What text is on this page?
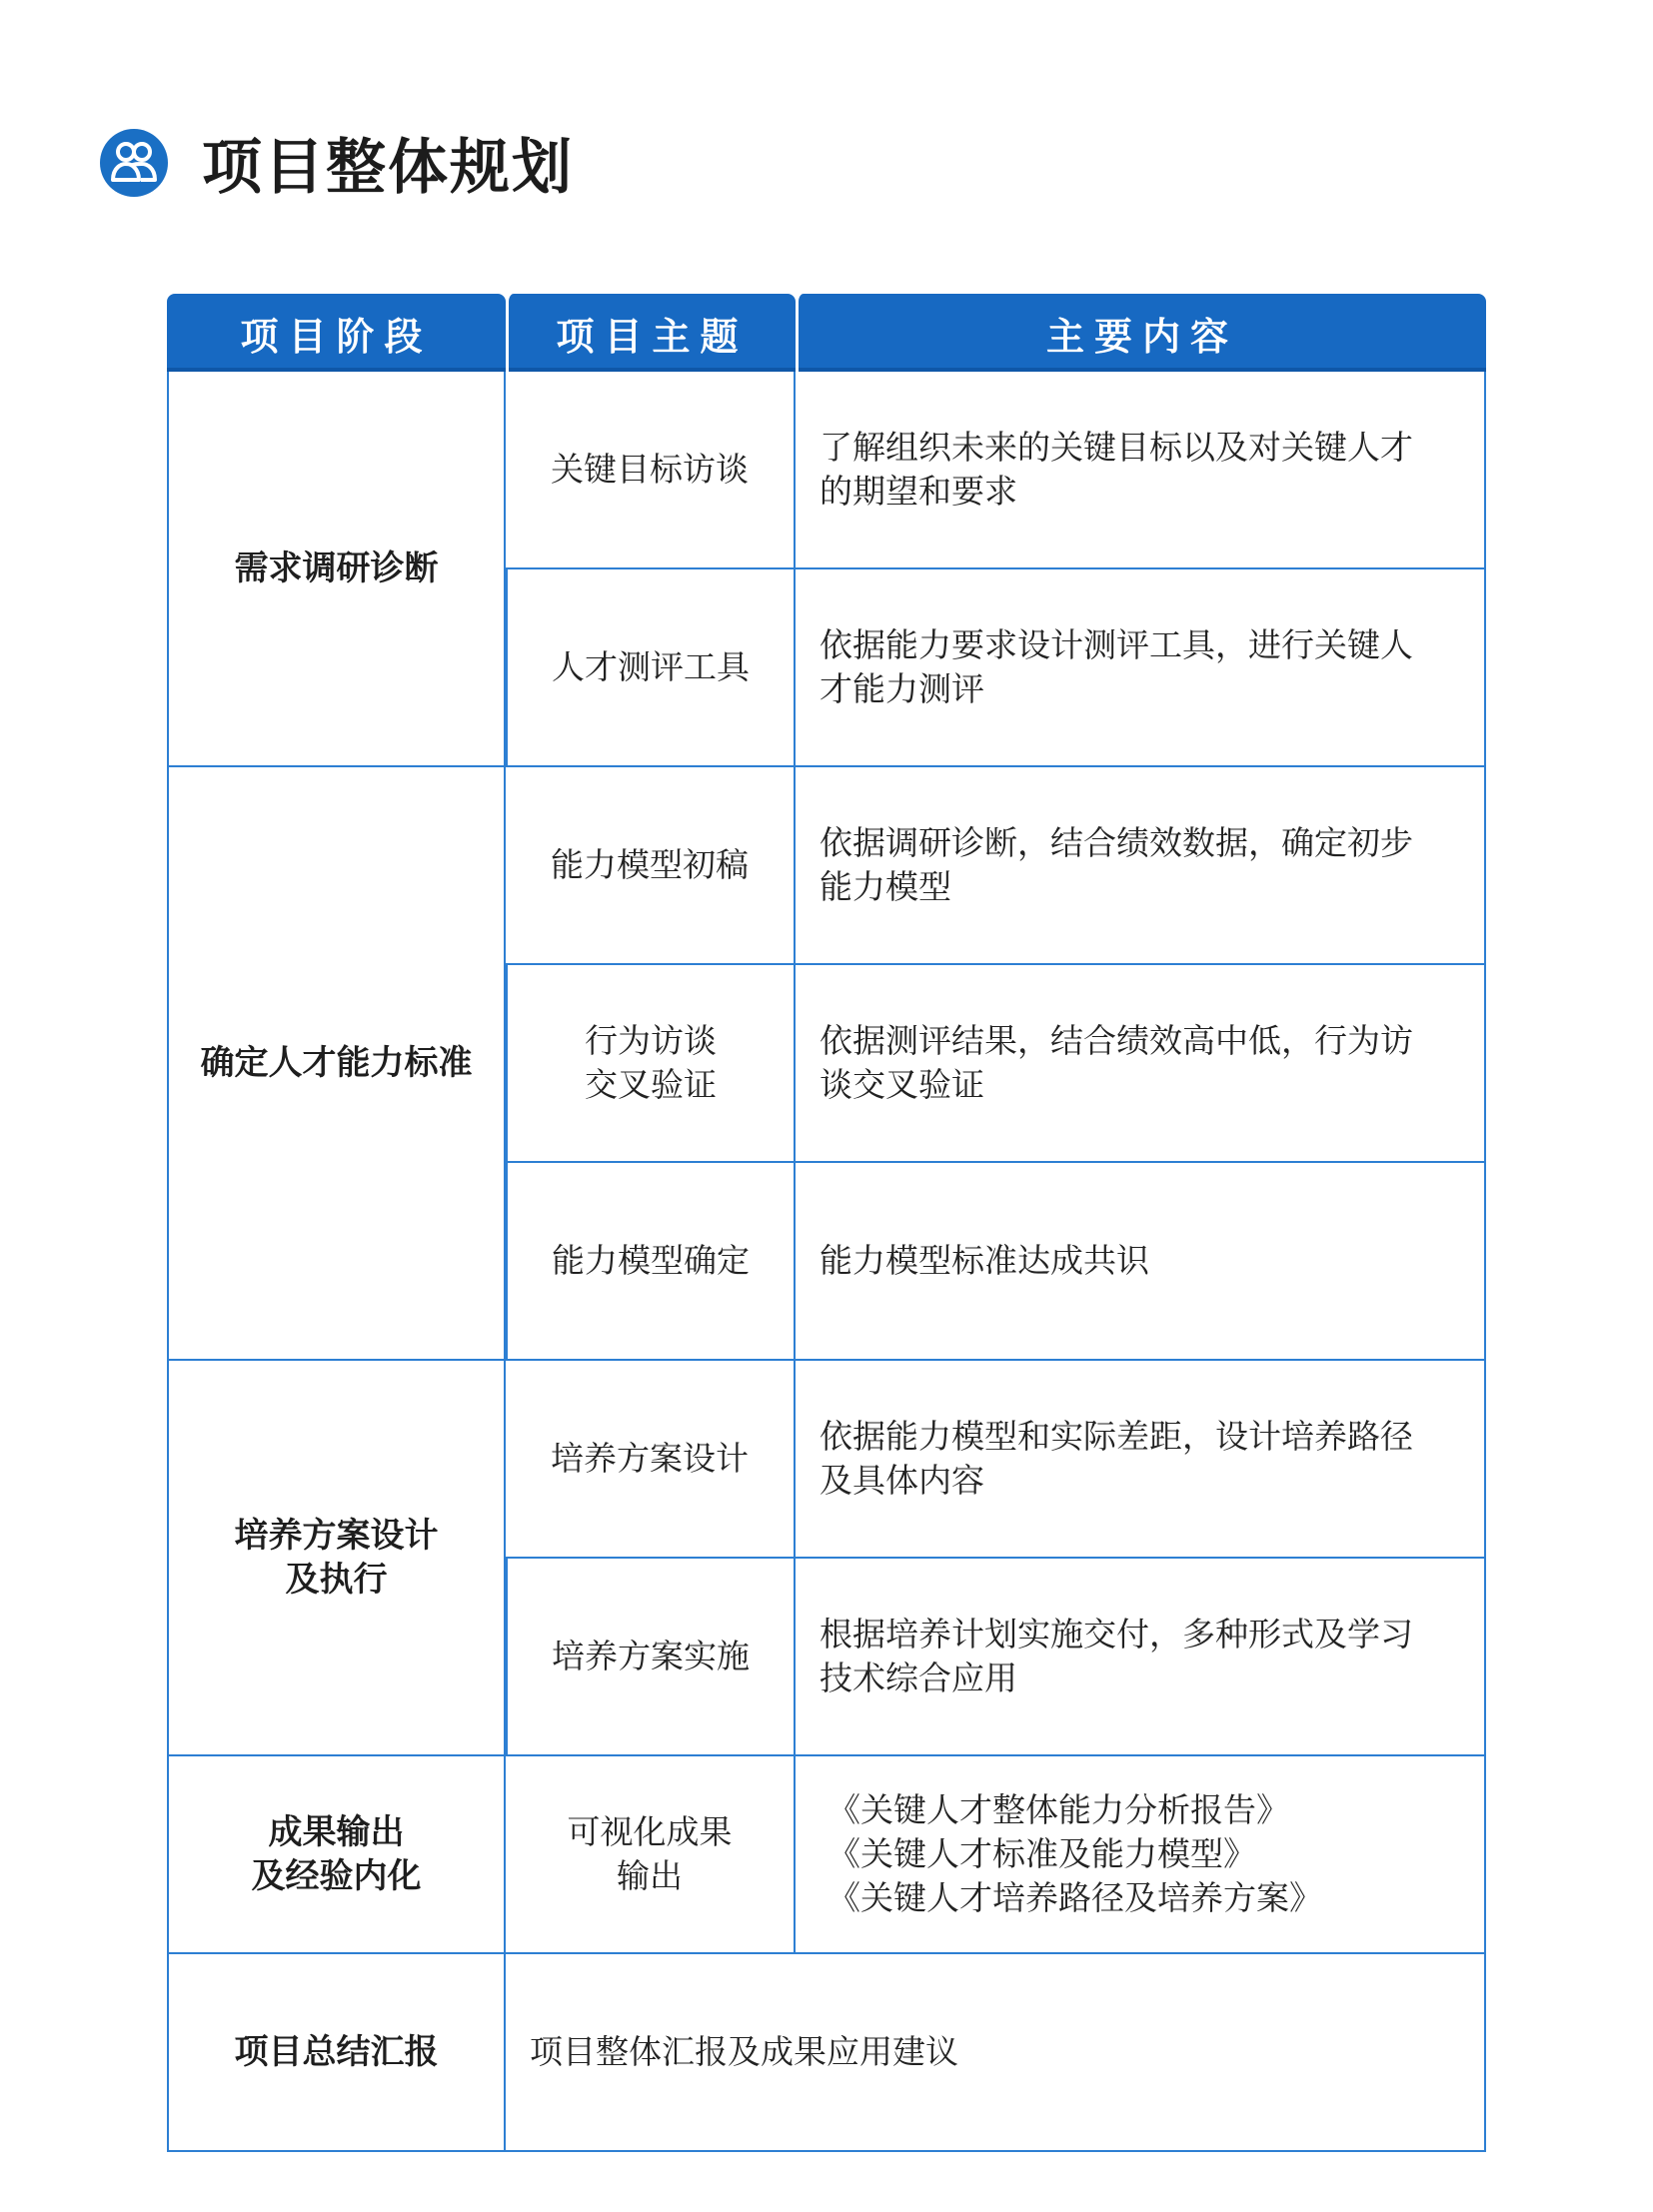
项目整体规划
项目阶段	项目主题	主要内容

需求调研诊断	关键目标访谈	了解组织未来的关键目标以及对关键人才
的期望和要求

	人才测评工具	依据能力要求设计测评工具，进行关键人
才能力测评

确定人才能力标准	能力模型初稿	依据调研诊断，结合绩效数据，确定初步
能力模型

	行为访谈
交叉验证	依据测评结果，结合绩效高中低，行为访
谈交叉验证

	能力模型确定	能力模型标准达成共识

培养方案设计
及执行	培养方案设计	依据能力模型和实际差距，设计培养路径
及具体内容

	培养方案实施	根据培养计划实施交付，多种形式及学习
技术综合应用

成果输出
及经验内化	可视化成果
输出	《关键人才整体能力分析报告》
《关键人才标准及能力模型》
《关键人才培养路径及培养方案》

项目总结汇报	项目整体汇报及成果应用建议	
